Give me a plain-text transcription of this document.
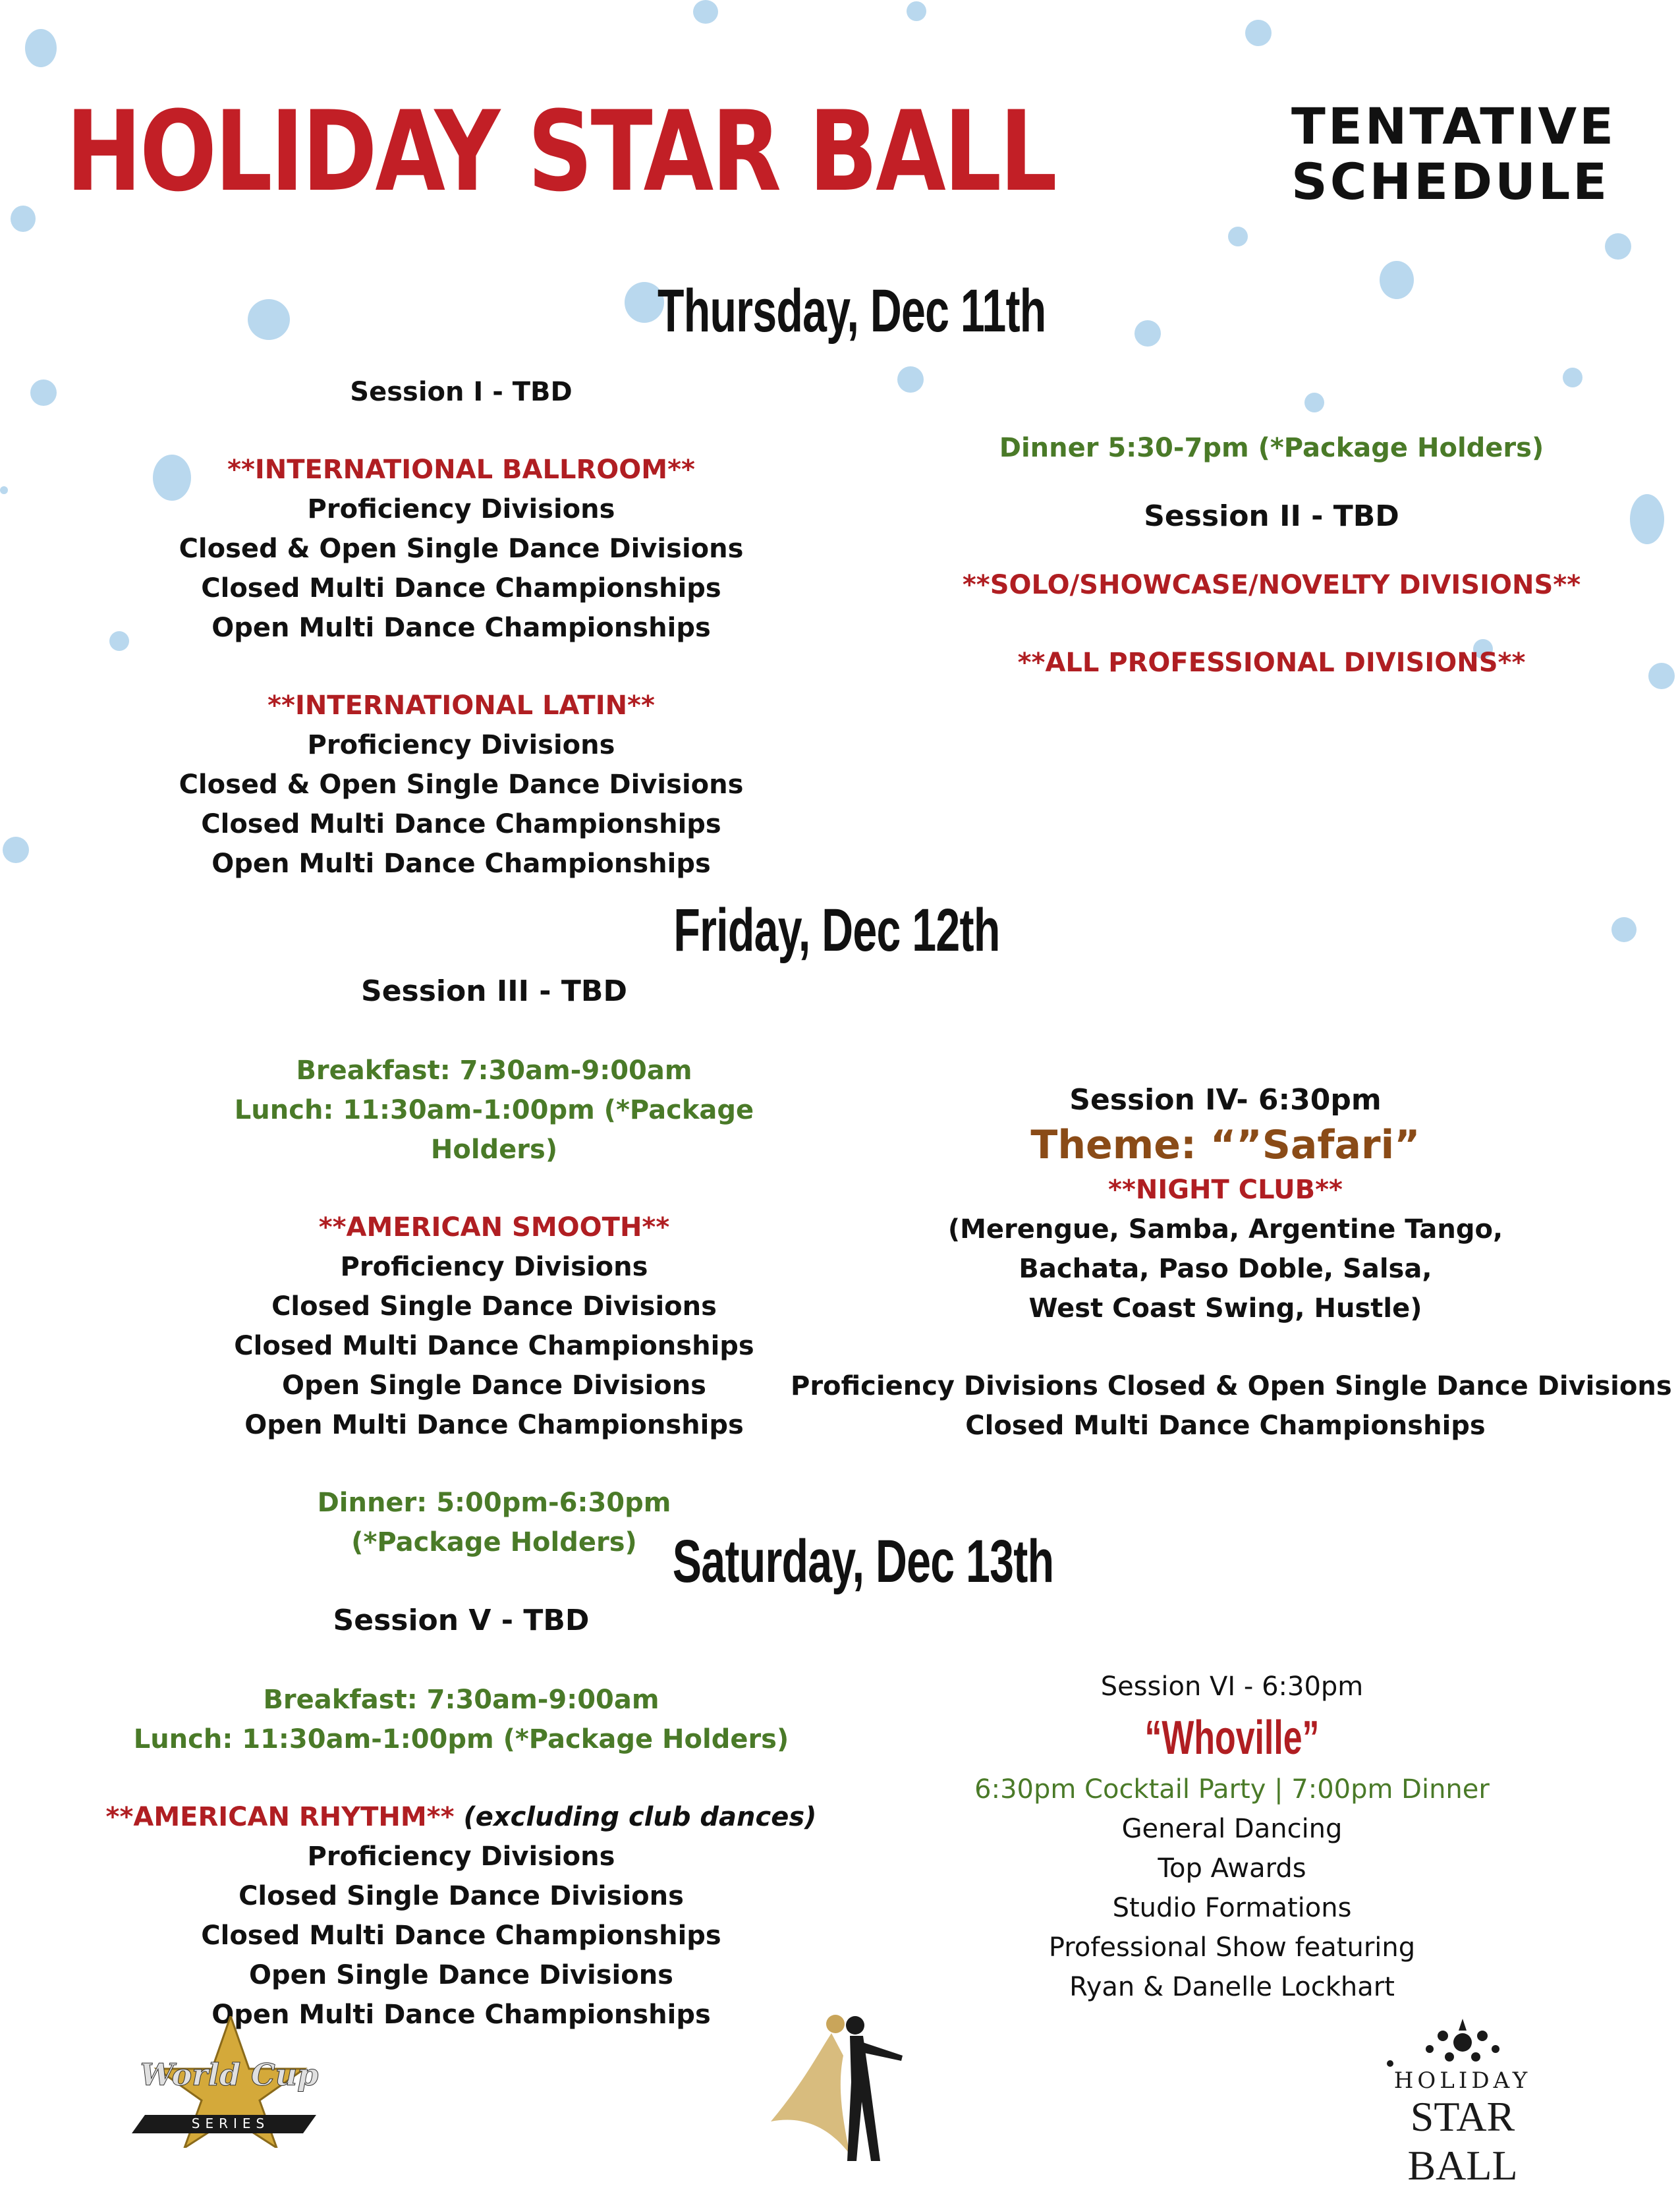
HOLIDAY STAR BALL	TENTATIVE
SCHEDULE
Thursday, Dec 11th
Session I - TBD
**INTERNATIONAL BALLROOM**
Proficiency Divisions
Closed & Open Single Dance Divisions
Closed Multi Dance Championships
Open Multi Dance Championships
**INTERNATIONAL LATIN**
Proficiency Divisions
Closed & Open Single Dance Divisions
Closed Multi Dance Championships
Open Multi Dance Championships
Dinner 5:30-7pm (*Package Holders)
Session II - TBD
**SOLO/SHOWCASE/NOVELTY DIVISIONS**
**ALL PROFESSIONAL DIVISIONS**
Friday, Dec 12th
Session III - TBD
Breakfast: 7:30am-9:00am
Lunch: 11:30am-1:00pm (*Package
Holders)
**AMERICAN SMOOTH**
Proficiency Divisions
Closed Single Dance Divisions
Closed Multi Dance Championships
Open Single Dance Divisions
Open Multi Dance Championships
Dinner: 5:00pm-6:30pm
(*Package Holders)
Session IV- 6:30pm
Theme: “”Safari”
**NIGHT CLUB**
(Merengue, Samba, Argentine Tango,
Bachata, Paso Doble, Salsa,
West Coast Swing, Hustle)
Proficiency Divisions Closed & Open Single Dance Divisions
Closed Multi Dance Championships
Saturday, Dec 13th
Session V - TBD
Breakfast: 7:30am-9:00am
Lunch: 11:30am-1:00pm (*Package Holders)
**AMERICAN RHYTHM** (excluding club dances)
Proficiency Divisions
Closed Single Dance Divisions
Closed Multi Dance Championships
Open Single Dance Divisions
Open Multi Dance Championships
Session VI - 6:30pm
“Whoville”
6:30pm Cocktail Party | 7:00pm Dinner
General Dancing
Top Awards
Studio Formations
Professional Show featuring
Ryan & Danelle Lockhart
World Cup
SERIES
HOLIDAY
STAR BALL
